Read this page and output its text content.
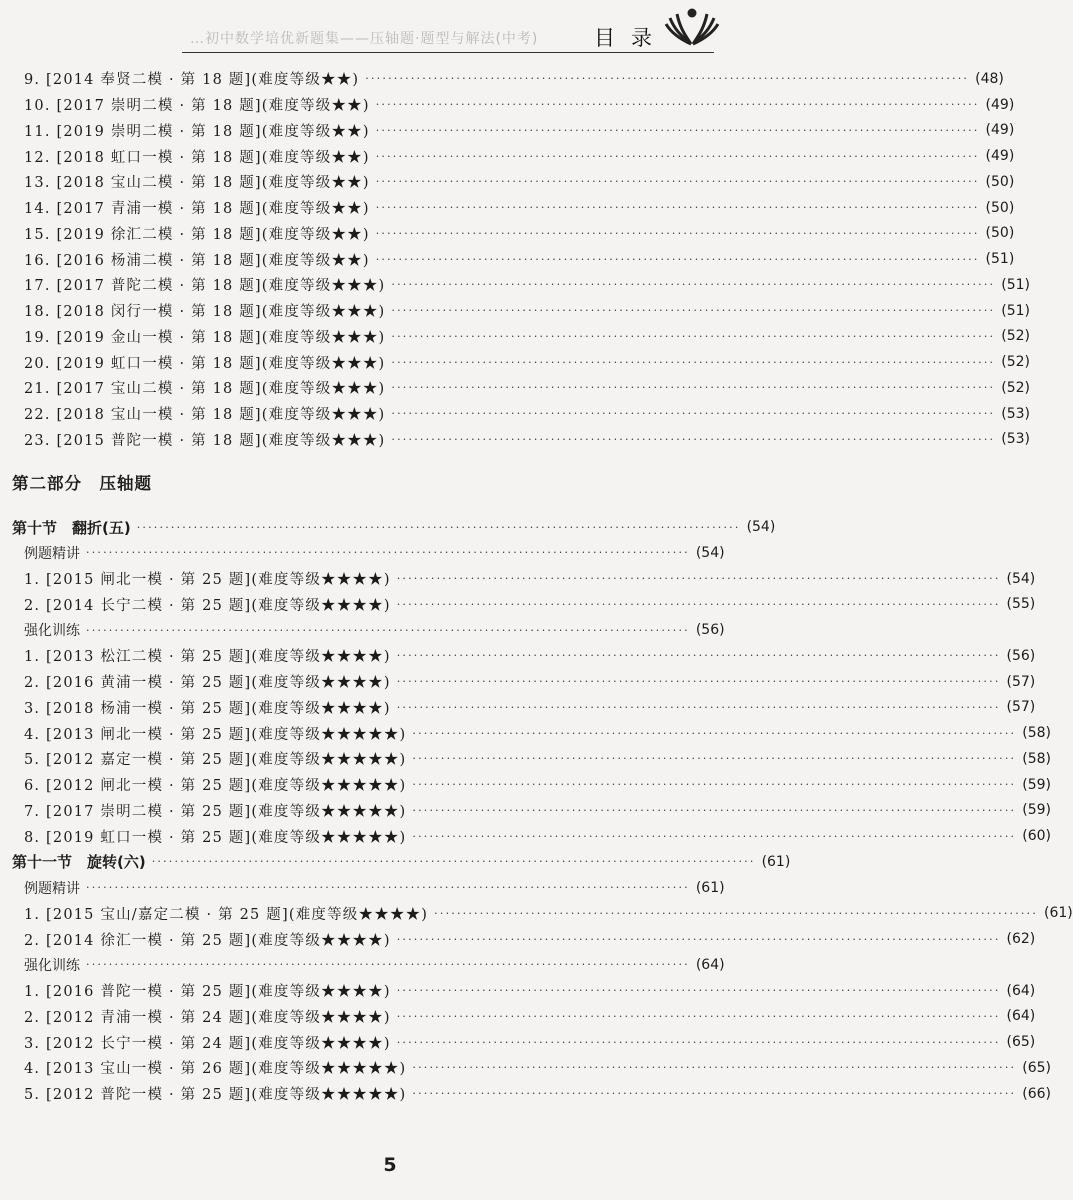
…初中数学培优新题集——压轴题·题型与解法(中考)	目录
9. [2014 奉贤二模 · 第 18 题](难度等级★★) ·········································································································· (48)
10. [2017 崇明二模 · 第 18 题](难度等级★★) ·········································································································· (49)
11. [2019 崇明二模 · 第 18 题](难度等级★★) ·········································································································· (49)
12. [2018 虹口一模 · 第 18 题](难度等级★★) ·········································································································· (49)
13. [2018 宝山二模 · 第 18 题](难度等级★★) ·········································································································· (50)
14. [2017 青浦一模 · 第 18 题](难度等级★★) ·········································································································· (50)
15. [2019 徐汇二模 · 第 18 题](难度等级★★) ·········································································································· (50)
16. [2016 杨浦二模 · 第 18 题](难度等级★★) ·········································································································· (51)
17. [2017 普陀二模 · 第 18 题](难度等级★★★) ·········································································································· (51)
18. [2018 闵行一模 · 第 18 题](难度等级★★★) ·········································································································· (51)
19. [2019 金山一模 · 第 18 题](难度等级★★★) ·········································································································· (52)
20. [2019 虹口一模 · 第 18 题](难度等级★★★) ·········································································································· (52)
21. [2017 宝山二模 · 第 18 题](难度等级★★★) ·········································································································· (52)
22. [2018 宝山一模 · 第 18 题](难度等级★★★) ·········································································································· (53)
23. [2015 普陀一模 · 第 18 题](难度等级★★★) ·········································································································· (53)
第二部分　压轴题
第十节　翻折(五) ·········································································································· (54)
例题精讲 ·········································································································· (54)
1. [2015 闸北一模 · 第 25 题](难度等级★★★★) ·········································································································· (54)
2. [2014 长宁二模 · 第 25 题](难度等级★★★★) ·········································································································· (55)
强化训练 ·········································································································· (56)
1. [2013 松江二模 · 第 25 题](难度等级★★★★) ·········································································································· (56)
2. [2016 黄浦一模 · 第 25 题](难度等级★★★★) ·········································································································· (57)
3. [2018 杨浦一模 · 第 25 题](难度等级★★★★) ·········································································································· (57)
4. [2013 闸北一模 · 第 25 题](难度等级★★★★★) ·········································································································· (58)
5. [2012 嘉定一模 · 第 25 题](难度等级★★★★★) ·········································································································· (58)
6. [2012 闸北一模 · 第 25 题](难度等级★★★★★) ·········································································································· (59)
7. [2017 崇明二模 · 第 25 题](难度等级★★★★★) ·········································································································· (59)
8. [2019 虹口一模 · 第 25 题](难度等级★★★★★) ·········································································································· (60)
第十一节　旋转(六) ·········································································································· (61)
例题精讲 ·········································································································· (61)
1. [2015 宝山/嘉定二模 · 第 25 题](难度等级★★★★) ·········································································································· (61)
2. [2014 徐汇一模 · 第 25 题](难度等级★★★★) ·········································································································· (62)
强化训练 ·········································································································· (64)
1. [2016 普陀一模 · 第 25 题](难度等级★★★★) ·········································································································· (64)
2. [2012 青浦一模 · 第 24 题](难度等级★★★★) ·········································································································· (64)
3. [2012 长宁一模 · 第 24 题](难度等级★★★★) ·········································································································· (65)
4. [2013 宝山一模 · 第 26 题](难度等级★★★★★) ·········································································································· (65)
5. [2012 普陀一模 · 第 25 题](难度等级★★★★★) ·········································································································· (66)
5
